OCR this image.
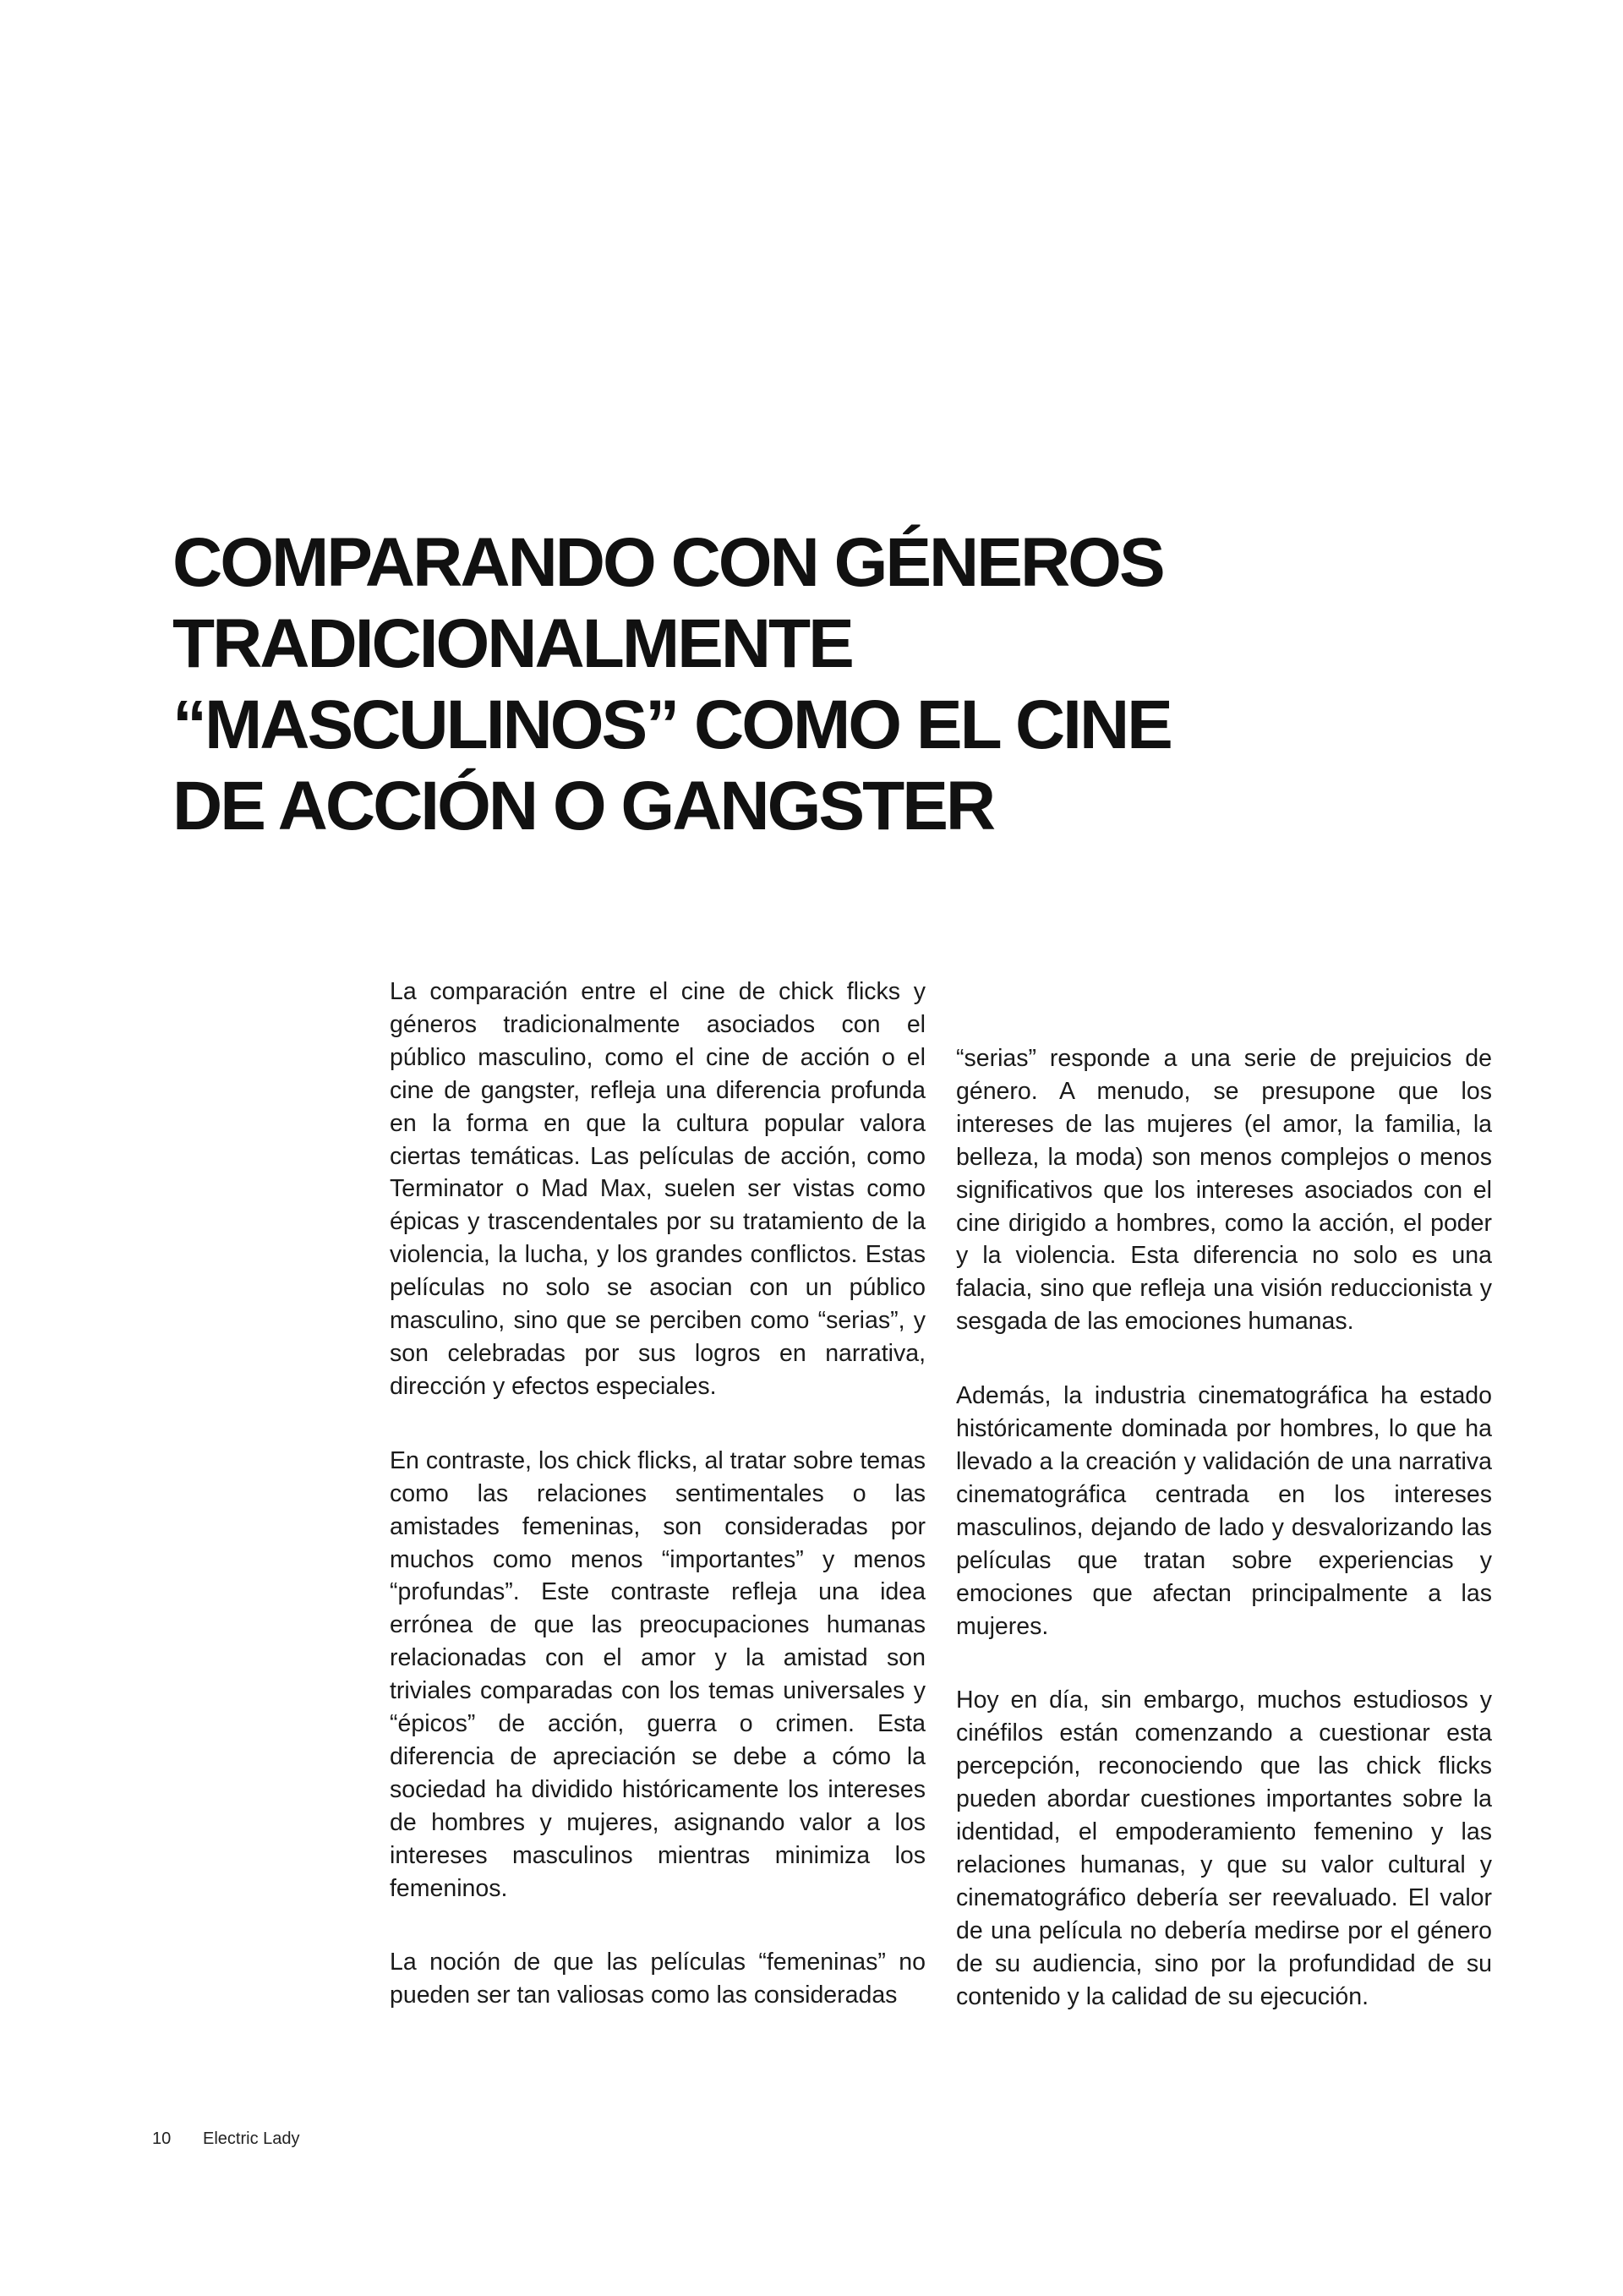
COMPARANDO CON GÉNEROS
TRADICIONALMENTE
“MASCULINOS” COMO EL CINE
DE ACCIÓN O GANGSTER

La comparación entre el cine de chick flicks y géneros tradicionalmente asociados con el público masculino, como el cine de acción o el cine de gangster, refleja una diferencia profunda en la forma en que la cultura popular valora ciertas temáticas. Las películas de acción, como Terminator o Mad Max, suelen ser vistas como épicas y trascendentales por su tratamiento de la violencia, la lucha, y los grandes conflictos. Estas películas no solo se asocian con un público masculino, sino que se perciben como “serias”, y son celebradas por sus logros en narrativa, dirección y efectos especiales.

En contraste, los chick flicks, al tratar sobre temas como las relaciones sentimentales o las amistades femeninas, son consideradas por muchos como menos “importantes” y menos “profundas”. Este contraste refleja una idea errónea de que las preocupaciones humanas relacionadas con el amor y la amistad son triviales comparadas con los temas universales y “épicos” de acción, guerra o crimen. Esta diferencia de apreciación se debe a cómo la sociedad ha dividido históricamente los intereses de hombres y mujeres, asignando valor a los intereses masculinos mientras minimiza los femeninos.

La noción de que las películas “femeninas” no pueden ser tan valiosas como las consideradas

“serias” responde a una serie de prejuicios de género. A menudo, se presupone que los intereses de las mujeres (el amor, la familia, la belleza, la moda) son menos complejos o menos significativos que los intereses asociados con el cine dirigido a hombres, como la acción, el poder y la violencia. Esta diferencia no solo es una falacia, sino que refleja una visión reduccionista y sesgada de las emociones humanas.

Además, la industria cinematográfica ha estado históricamente dominada por hombres, lo que ha llevado a la creación y validación de una narrativa cinematográfica centrada en los intereses masculinos, dejando de lado y desvalorizando las películas que tratan sobre experiencias y emociones que afectan principalmente a las mujeres.

Hoy en día, sin embargo, muchos estudiosos y cinéfilos están comenzando a cuestionar esta percepción, reconociendo que las chick flicks pueden abordar cuestiones importantes sobre la identidad, el empoderamiento femenino y las relaciones humanas, y que su valor cultural y cinematográfico debería ser reevaluado. El valor de una película no debería medirse por el género de su audiencia, sino por la profundidad de su contenido y la calidad de su ejecución.

10 Electric Lady
